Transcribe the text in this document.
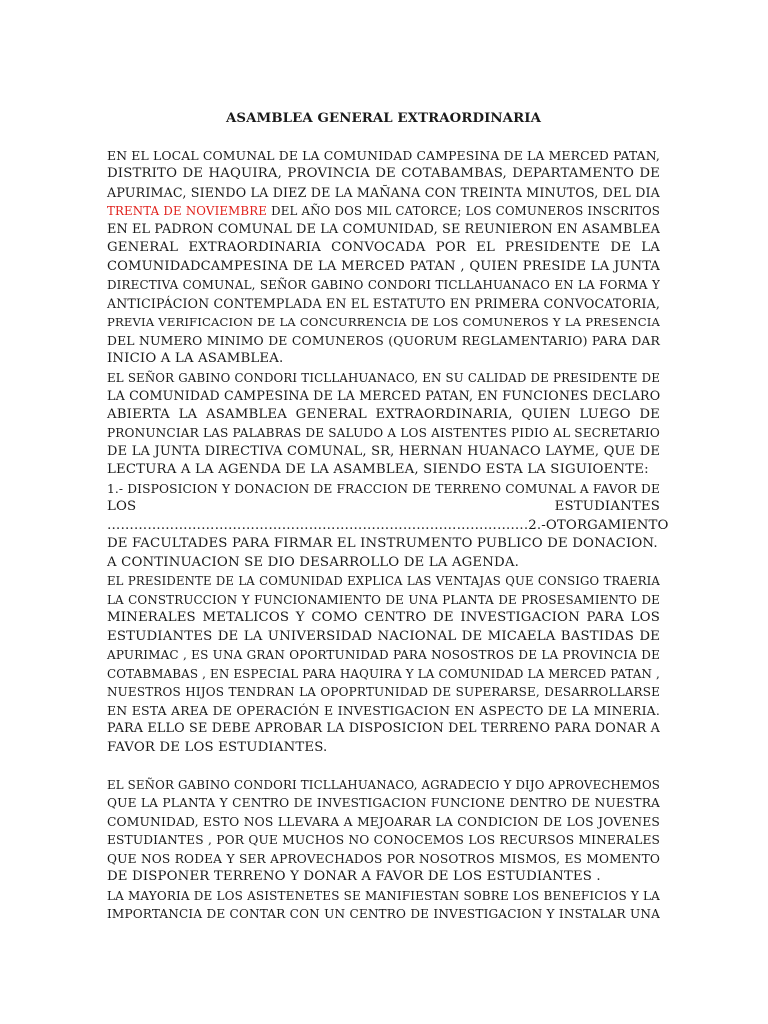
ASAMBLEA GENERAL EXTRAORDINARIA
EN EL LOCAL COMUNAL DE LA COMUNIDAD CAMPESINA DE LA MERCED PATAN,
DISTRITO DE HAQUIRA, PROVINCIA DE COTABAMBAS, DEPARTAMENTO DE
APURIMAC, SIENDO LA DIEZ DE LA MAÑANA CON TREINTA MINUTOS, DEL DIA
TRENTA DE NOVIEMBRE DEL AÑO DOS MIL CATORCE; LOS COMUNEROS INSCRITOS
EN EL PADRON COMUNAL DE LA COMUNIDAD, SE REUNIERON EN ASAMBLEA
GENERAL EXTRAORDINARIA CONVOCADA POR EL PRESIDENTE DE LA
COMUNIDADCAMPESINA DE LA MERCED PATAN , QUIEN PRESIDE LA JUNTA
DIRECTIVA COMUNAL, SEÑOR GABINO CONDORI TICLLAHUANACO EN LA FORMA Y
ANTICIPÁCION CONTEMPLADA EN EL ESTATUTO EN PRIMERA CONVOCATORIA,
PREVIA VERIFICACION DE LA CONCURRENCIA DE LOS COMUNEROS Y LA PRESENCIA
DEL NUMERO MINIMO DE COMUNEROS (QUORUM REGLAMENTARIO) PARA DAR
INICIO A LA ASAMBLEA.
EL SEÑOR GABINO CONDORI TICLLAHUANACO, EN SU CALIDAD DE PRESIDENTE DE
LA COMUNIDAD CAMPESINA DE LA MERCED PATAN, EN FUNCIONES DECLARO
ABIERTA LA ASAMBLEA GENERAL EXTRAORDINARIA, QUIEN LUEGO DE
PRONUNCIAR LAS PALABRAS DE SALUDO A LOS AISTENTES PIDIO AL SECRETARIO
DE LA JUNTA DIRECTIVA COMUNAL, SR, HERNAN HUANACO LAYME, QUE DE
LECTURA A LA AGENDA DE LA ASAMBLEA, SIENDO ESTA LA SIGUIOENTE:
1.- DISPOSICION Y DONACION DE FRACCION DE TERRENO COMUNAL A FAVOR DE
LOS	ESTUDIANTES
………………………………………………………………………………….2.- OTORGAMIENTO
DE FACULTADES PARA FIRMAR EL INSTRUMENTO PUBLICO DE DONACION.
A CONTINUACION SE DIO DESARROLLO DE LA AGENDA.
EL PRESIDENTE DE LA COMUNIDAD EXPLICA LAS VENTAJAS QUE CONSIGO TRAERIA
LA CONSTRUCCION Y FUNCIONAMIENTO DE UNA PLANTA DE PROSESAMIENTO DE
MINERALES METALICOS Y COMO CENTRO DE INVESTIGACION PARA LOS
ESTUDIANTES DE LA UNIVERSIDAD NACIONAL DE MICAELA BASTIDAS DE
APURIMAC , ES UNA GRAN OPORTUNIDAD PARA NOSOSTROS DE LA PROVINCIA DE
COTABMABAS , EN ESPECIAL PARA HAQUIRA Y LA COMUNIDAD LA MERCED PATAN ,
NUESTROS HIJOS TENDRAN LA OPOPRTUNIDAD DE SUPERARSE, DESARROLLARSE
EN ESTA AREA DE OPERACIÓN E INVESTIGACION EN ASPECTO DE LA MINERIA.
PARA ELLO SE DEBE APROBAR LA DISPOSICION DEL TERRENO PARA DONAR A
FAVOR DE LOS ESTUDIANTES.
EL SEÑOR GABINO CONDORI TICLLAHUANACO, AGRADECIO Y DIJO APROVECHEMOS
QUE LA PLANTA Y CENTRO DE INVESTIGACION FUNCIONE DENTRO DE NUESTRA
COMUNIDAD, ESTO NOS LLEVARA A MEJOARAR LA CONDICION DE LOS JOVENES
ESTUDIANTES , POR QUE MUCHOS NO CONOCEMOS LOS RECURSOS MINERALES
QUE NOS RODEA Y SER APROVECHADOS POR NOSOTROS MISMOS, ES MOMENTO
DE DISPONER TERRENO Y DONAR A FAVOR DE LOS ESTUDIANTES .
LA MAYORIA DE LOS ASISTENETES SE MANIFIESTAN SOBRE LOS BENEFICIOS Y LA
IMPORTANCIA DE CONTAR CON UN CENTRO DE INVESTIGACION Y INSTALAR UNA
